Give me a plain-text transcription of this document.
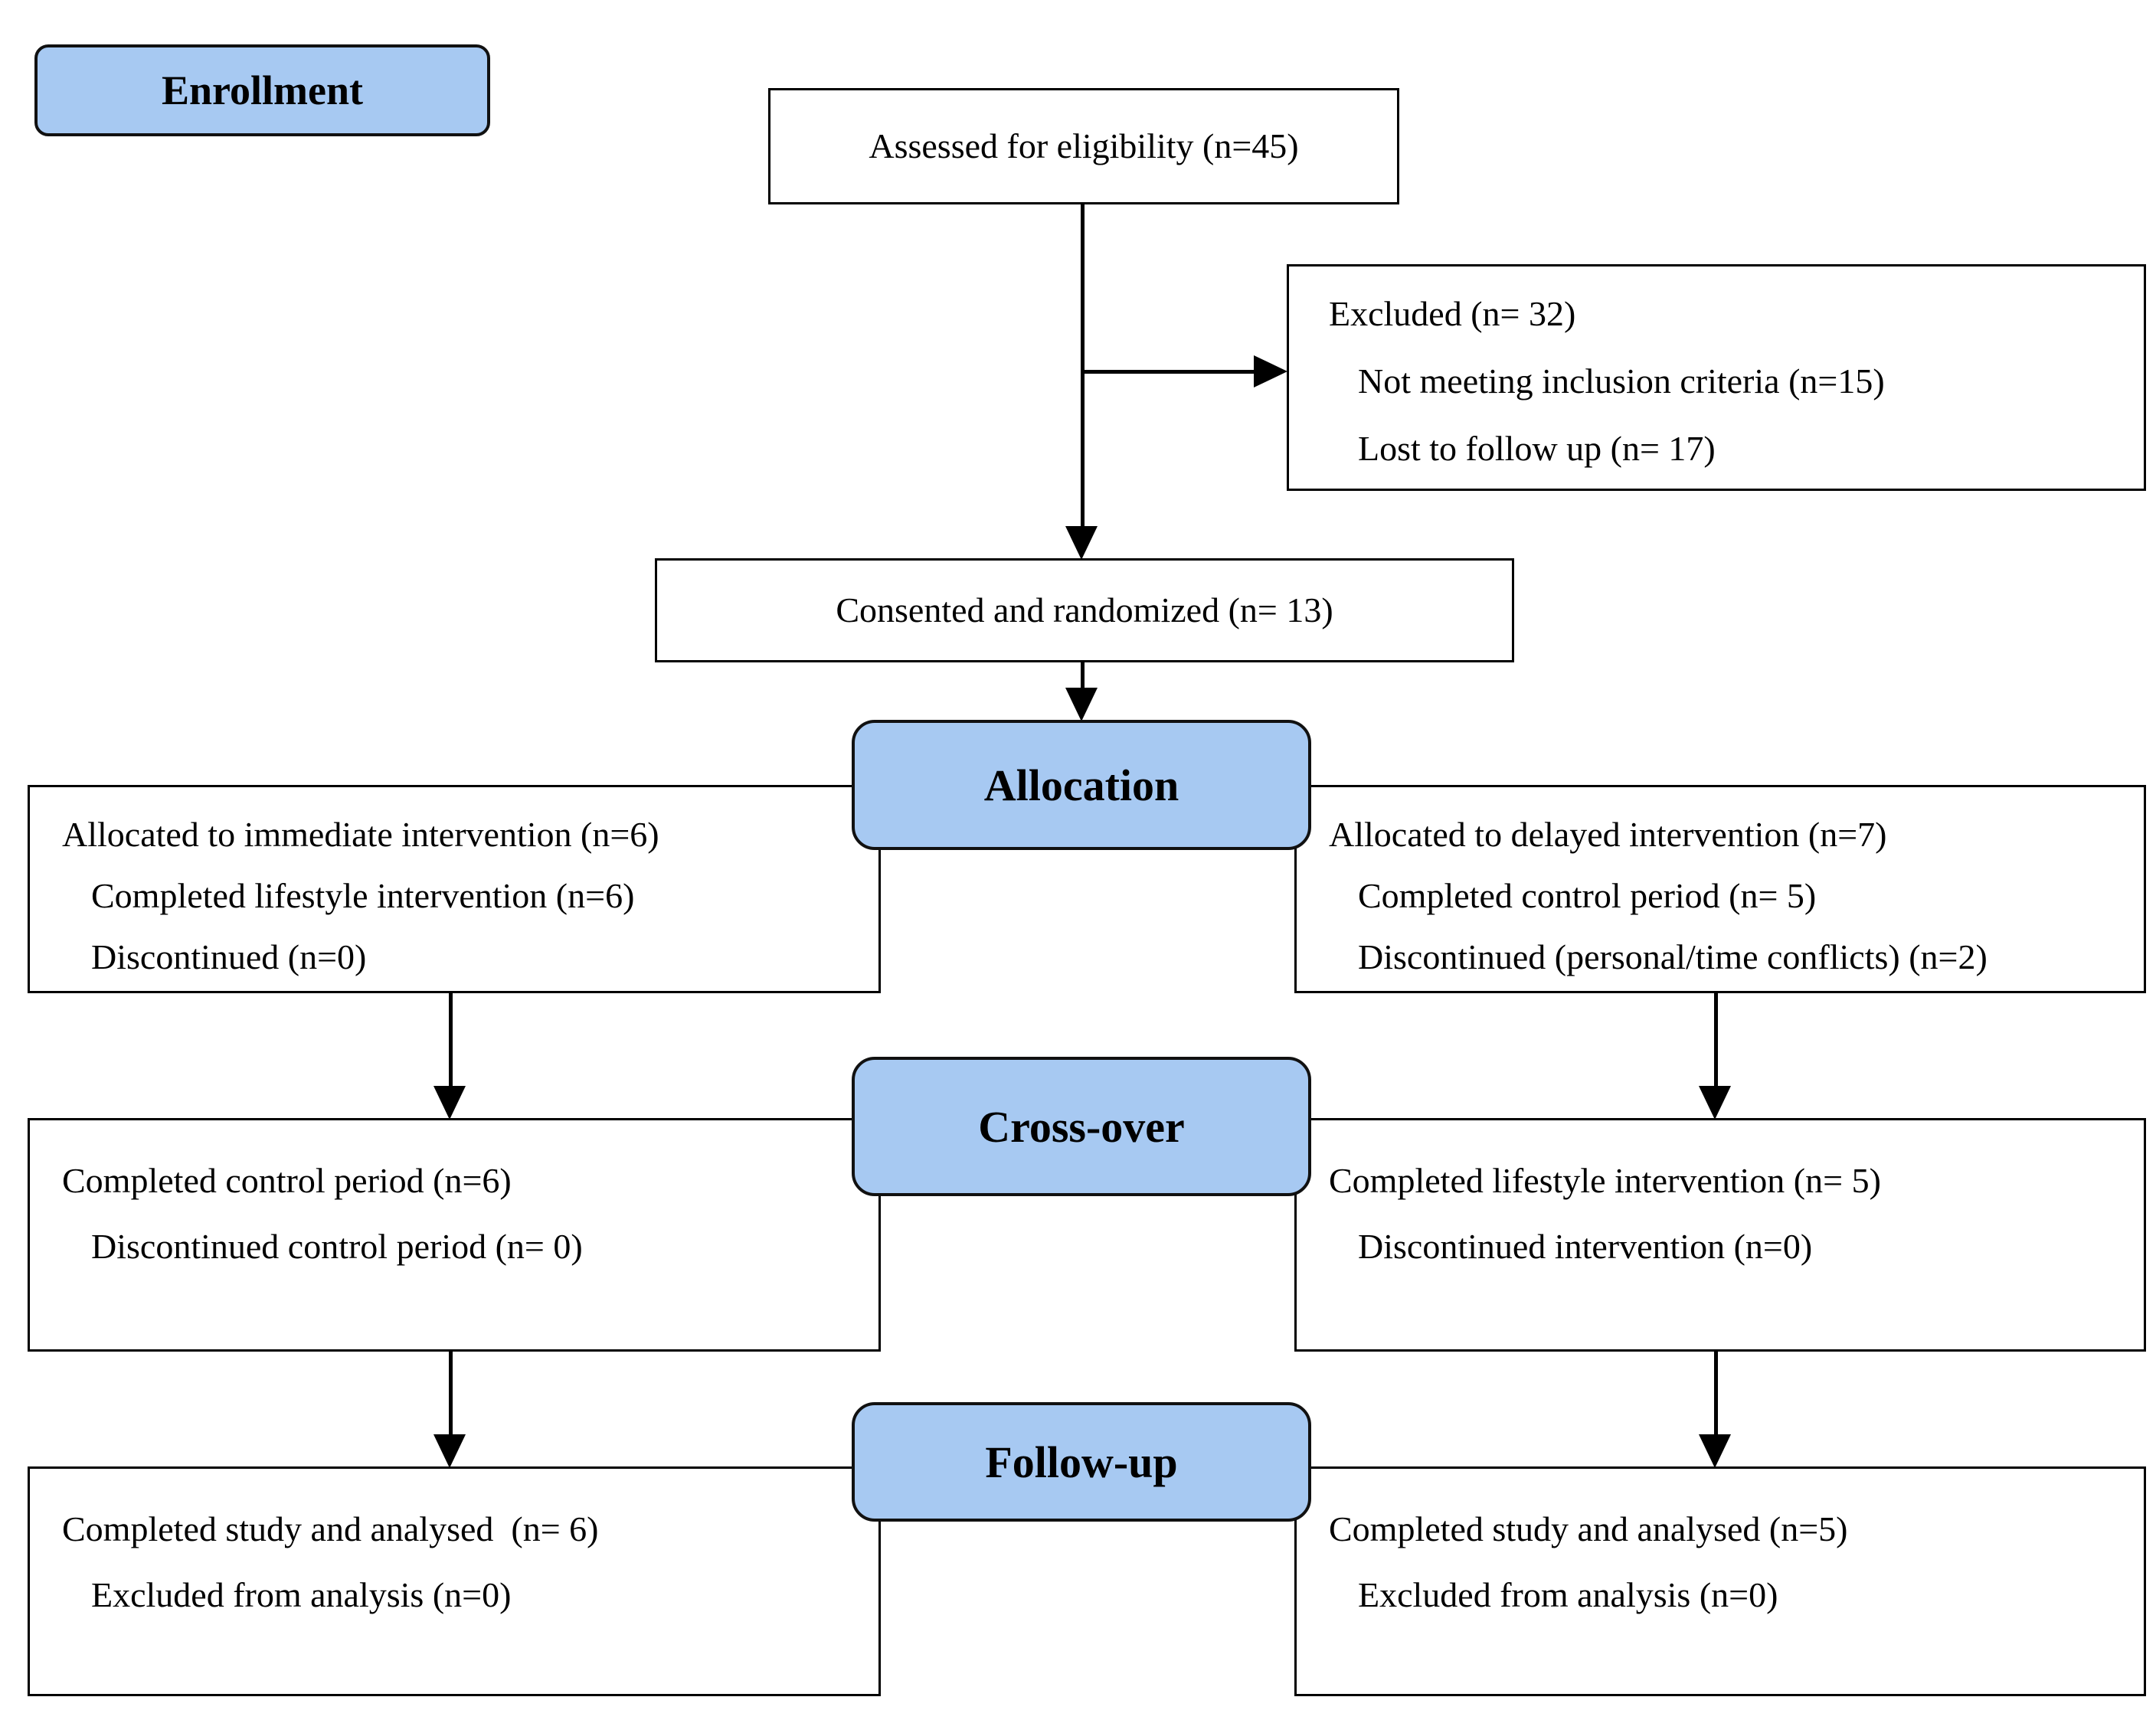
Enrollment
Allocation
Cross-over
Follow-up
Assessed for eligibility (n=45)
Excluded (n= 32)
Not meeting inclusion criteria (n=15)
Lost to follow up (n= 17)
Consented and randomized (n= 13)
Allocated to immediate intervention (n=6)
Completed lifestyle intervention (n=6)
Discontinued (n=0)
Allocated to delayed intervention (n=7)
Completed control period (n= 5)
Discontinued (personal/time conflicts) (n=2)
Completed control period (n=6)
Discontinued control period (n= 0)
Completed lifestyle intervention (n= 5)
Discontinued intervention (n=0)
Completed study and analysed  (n= 6)
Excluded from analysis (n=0)
Completed study and analysed (n=5)
Excluded from analysis (n=0)
